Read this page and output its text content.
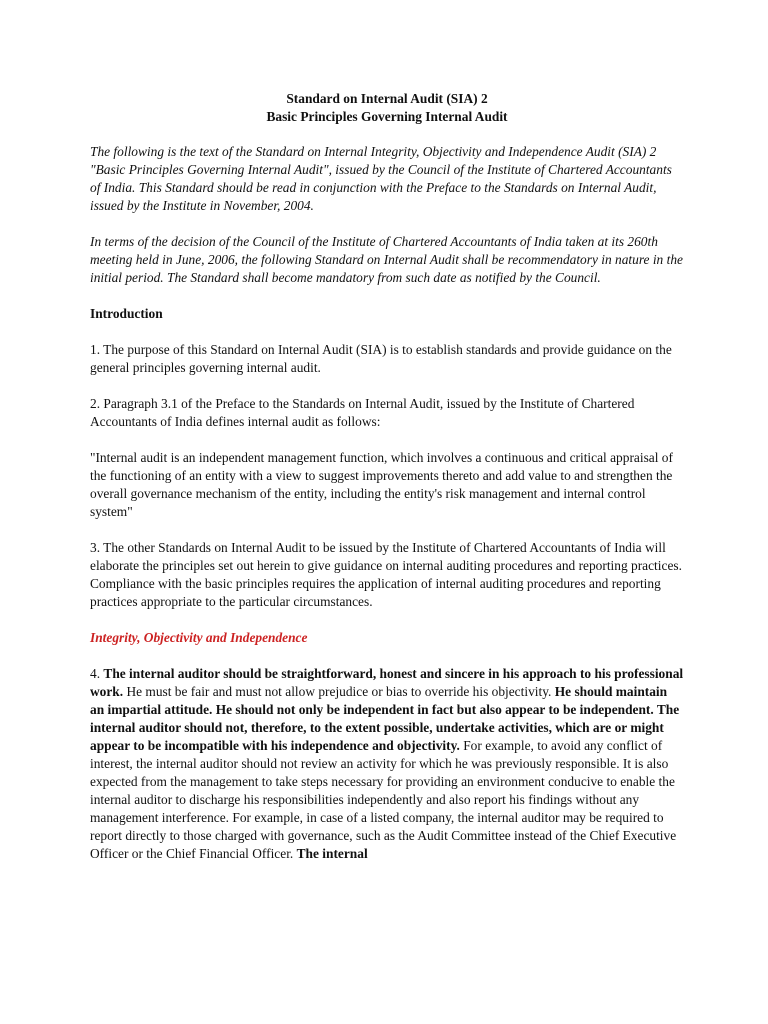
Standard on Internal Audit (SIA) 2
Basic Principles Governing Internal Audit

The following is the text of the Standard on Internal Integrity, Objectivity and Independence Audit (SIA) 2 "Basic Principles Governing Internal Audit", issued by the Council of the Institute of Chartered Accountants of India. This Standard should be read in conjunction with the Preface to the Standards on Internal Audit, issued by the Institute in November, 2004.

In terms of the decision of the Council of the Institute of Chartered Accountants of India taken at its 260th meeting held in June, 2006, the following Standard on Internal Audit shall be recommendatory in nature in the initial period. The Standard shall become mandatory from such date as notified by the Council.

Introduction

1. The purpose of this Standard on Internal Audit (SIA) is to establish standards and provide guidance on the general principles governing internal audit.

2. Paragraph 3.1 of the Preface to the Standards on Internal Audit, issued by the Institute of Chartered Accountants of India defines internal audit as follows:

"Internal audit is an independent management function, which involves a continuous and critical appraisal of the functioning of an entity with a view to suggest improvements thereto and add value to and strengthen the overall governance mechanism of the entity, including the entity's risk management and internal control system"

3. The other Standards on Internal Audit to be issued by the Institute of Chartered Accountants of India will elaborate the principles set out herein to give guidance on internal auditing procedures and reporting practices. Compliance with the basic principles requires the application of internal auditing procedures and reporting practices appropriate to the particular circumstances.

Integrity, Objectivity and Independence

4. The internal auditor should be straightforward, honest and sincere in his approach to his professional work. He must be fair and must not allow prejudice or bias to override his objectivity. He should maintain an impartial attitude. He should not only be independent in fact but also appear to be independent. The internal auditor should not, therefore, to the extent possible, undertake activities, which are or might appear to be incompatible with his independence and objectivity. For example, to avoid any conflict of interest, the internal auditor should not review an activity for which he was previously responsible. It is also expected from the management to take steps necessary for providing an environment conducive to enable the internal auditor to discharge his responsibilities independently and also report his findings without any management interference. For example, in case of a listed company, the internal auditor may be required to report directly to those charged with governance, such as the Audit Committee instead of the Chief Executive Officer or the Chief Financial Officer. The internal
